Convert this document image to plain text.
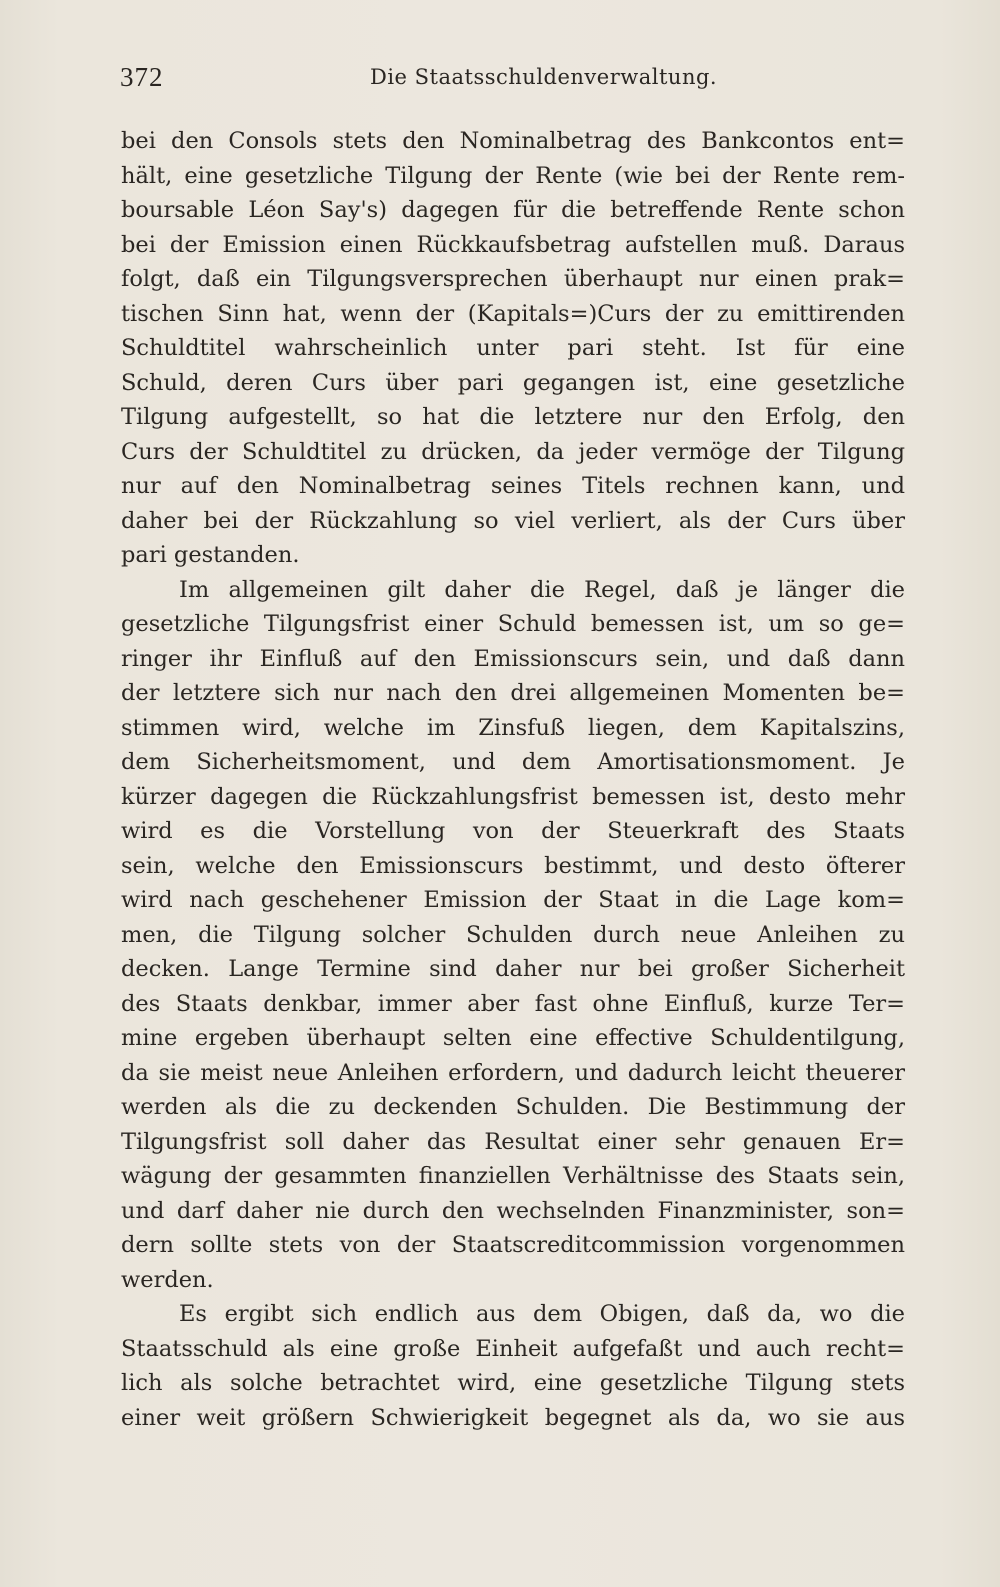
372	Die Staatsschuldenverwaltung.
bei den Consols stets den Nominalbetrag des Bankcontos ent=
hält, eine gesetzliche Tilgung der Rente (wie bei der Rente rem-
boursable Léon Say's) dagegen für die betreffende Rente schon
bei der Emission einen Rückkaufsbetrag aufstellen muß. Daraus
folgt, daß ein Tilgungsversprechen überhaupt nur einen prak=
tischen Sinn hat, wenn der (Kapitals=)Curs der zu emittirenden
Schuldtitel wahrscheinlich unter pari steht. Ist für eine
Schuld, deren Curs über pari gegangen ist, eine gesetzliche
Tilgung aufgestellt, so hat die letztere nur den Erfolg, den
Curs der Schuldtitel zu drücken, da jeder vermöge der Tilgung
nur auf den Nominalbetrag seines Titels rechnen kann, und
daher bei der Rückzahlung so viel verliert, als der Curs über
pari gestanden.
Im allgemeinen gilt daher die Regel, daß je länger die
gesetzliche Tilgungsfrist einer Schuld bemessen ist, um so ge=
ringer ihr Einfluß auf den Emissionscurs sein, und daß dann
der letztere sich nur nach den drei allgemeinen Momenten be=
stimmen wird, welche im Zinsfuß liegen, dem Kapitalszins,
dem Sicherheitsmoment, und dem Amortisationsmoment. Je
kürzer dagegen die Rückzahlungsfrist bemessen ist, desto mehr
wird es die Vorstellung von der Steuerkraft des Staats
sein, welche den Emissionscurs bestimmt, und desto öfterer
wird nach geschehener Emission der Staat in die Lage kom=
men, die Tilgung solcher Schulden durch neue Anleihen zu
decken. Lange Termine sind daher nur bei großer Sicherheit
des Staats denkbar, immer aber fast ohne Einfluß, kurze Ter=
mine ergeben überhaupt selten eine effective Schuldentilgung,
da sie meist neue Anleihen erfordern, und dadurch leicht theuerer
werden als die zu deckenden Schulden. Die Bestimmung der
Tilgungsfrist soll daher das Resultat einer sehr genauen Er=
wägung der gesammten finanziellen Verhältnisse des Staats sein,
und darf daher nie durch den wechselnden Finanzminister, son=
dern sollte stets von der Staatscreditcommission vorgenommen
werden.
Es ergibt sich endlich aus dem Obigen, daß da, wo die
Staatsschuld als eine große Einheit aufgefaßt und auch recht=
lich als solche betrachtet wird, eine gesetzliche Tilgung stets
einer weit größern Schwierigkeit begegnet als da, wo sie aus
